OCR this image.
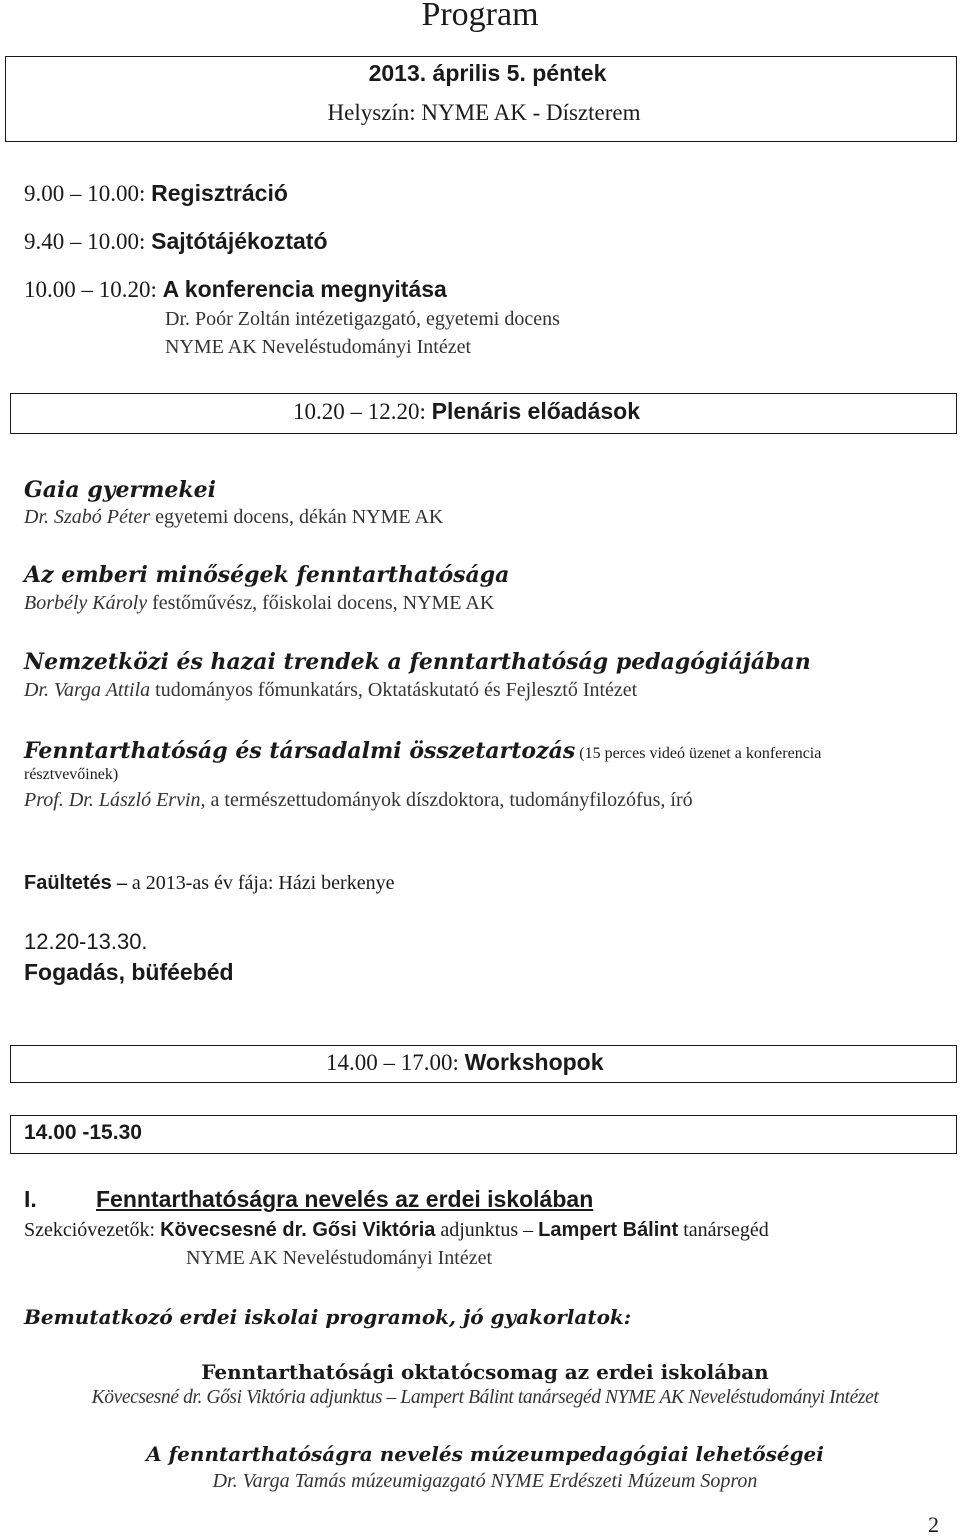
Program
2013. április 5. péntek
Helyszín: NYME AK - Díszterem
9.00 – 10.00: Regisztráció
9.40 – 10.00: Sajtótájékoztató
10.00 – 10.20: A konferencia megnyitása
Dr. Poór Zoltán intézetigazgató, egyetemi docens
NYME AK Neveléstudományi Intézet
10.20 – 12.20: Plenáris előadások
Gaia gyermekei
Dr. Szabó Péter egyetemi docens, dékán NYME AK
Az emberi minőségek fenntarthatósága
Borbély Károly festőművész, főiskolai docens, NYME AK
Nemzetközi és hazai trendek a fenntarthatóság pedagógiájában
Dr. Varga Attila tudományos főmunkatárs, Oktatáskutató és Fejlesztő Intézet
Fenntarthatóság és társadalmi összetartozás (15 perces videó üzenet a konferencia
résztvevőinek)
Prof. Dr. László Ervin, a természettudományok díszdoktora, tudományfilozófus, író
Faültetés – a 2013-as év fája: Házi berkenye
12.20-13.30.
Fogadás, büféebéd
14.00 – 17.00: Workshopok
14.00 -15.30
I.	Fenntarthatóságra nevelés az erdei iskolában
Szekcióvezetők: Kövecsesné dr. Gősi Viktória adjunktus – Lampert Bálint tanársegéd
NYME AK Neveléstudományi Intézet
Bemutatkozó erdei iskolai programok, jó gyakorlatok:
Fenntarthatósági oktatócsomag az erdei iskolában
Kövecsesné dr. Gősi Viktória adjunktus – Lampert Bálint tanársegéd NYME AK Neveléstudományi Intézet
A fenntarthatóságra nevelés múzeumpedagógiai lehetőségei
Dr. Varga Tamás múzeumigazgató NYME Erdészeti Múzeum Sopron
2
